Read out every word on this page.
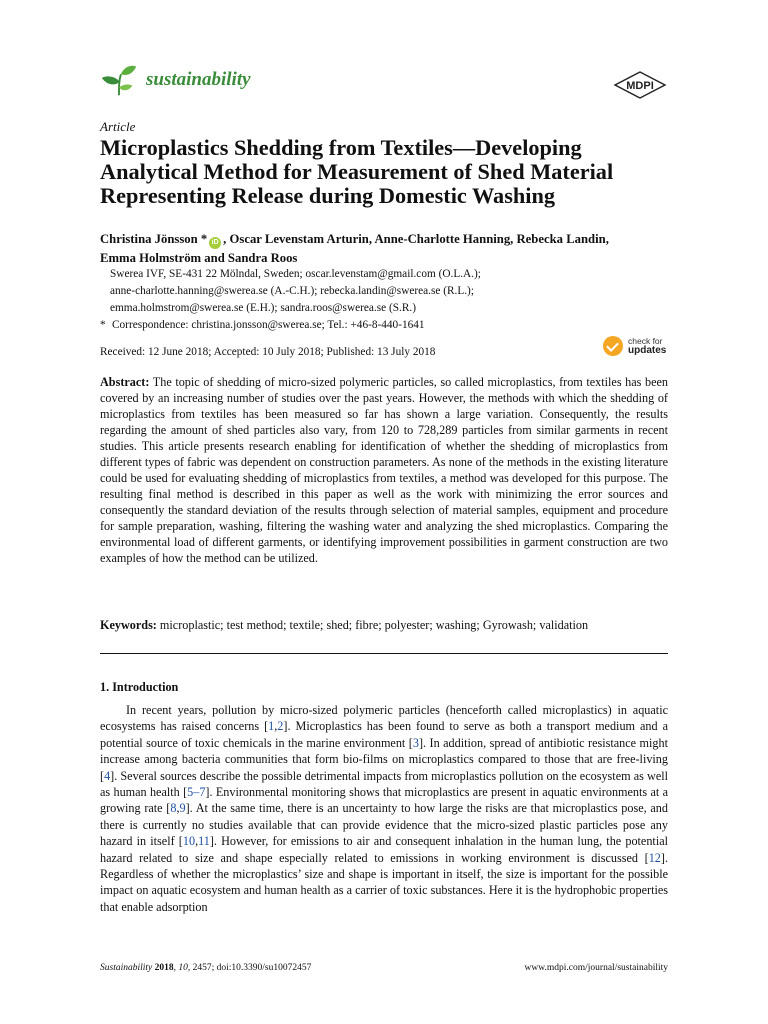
sustainability	MDPI
Article
Microplastics Shedding from Textiles—Developing
Analytical Method for Measurement of Shed Material
Representing Release during Domestic Washing
Christina Jönsson * iD , Oscar Levenstam Arturin, Anne-Charlotte Hanning, Rebecka Landin,
Emma Holmström and Sandra Roos
Swerea IVF, SE-431 22 Mölndal, Sweden; oscar.levenstam@gmail.com (O.L.A.);
anne-charlotte.hanning@swerea.se (A.-C.H.); rebecka.landin@swerea.se (R.L.);
emma.holmstrom@swerea.se (E.H.); sandra.roos@swerea.se (S.R.)
* Correspondence: christina.jonsson@swerea.se; Tel.: +46-8-440-1641
check for
updates
Received: 12 June 2018; Accepted: 10 July 2018; Published: 13 July 2018

Abstract: The topic of shedding of micro-sized polymeric particles, so called microplastics, from textiles has been covered by an increasing number of studies over the past years. However, the methods with which the shedding of microplastics from textiles has been measured so far has shown a large variation. Consequently, the results regarding the amount of shed particles also vary, from 120 to 728,289 particles from similar garments in recent studies. This article presents research enabling for identification of whether the shedding of microplastics from different types of fabric was dependent on construction parameters. As none of the methods in the existing literature could be used for evaluating shedding of microplastics from textiles, a method was developed for this purpose. The resulting final method is described in this paper as well as the work with minimizing the error sources and consequently the standard deviation of the results through selection of material samples, equipment and procedure for sample preparation, washing, filtering the washing water and analyzing the shed microplastics. Comparing the environmental load of different garments, or identifying improvement possibilities in garment construction are two examples of how the method can be utilized.

Keywords: microplastic; test method; textile; shed; fibre; polyester; washing; Gyrowash; validation
1. Introduction

In recent years, pollution by micro-sized polymeric particles (henceforth called microplastics) in aquatic ecosystems has raised concerns [1,2]. Microplastics has been found to serve as both a transport medium and a potential source of toxic chemicals in the marine environment [3]. In addition, spread of antibiotic resistance might increase among bacteria communities that form bio-films on microplastics compared to those that are free-living [4]. Several sources describe the possible detrimental impacts from microplastics pollution on the ecosystem as well as human health [5–7]. Environmental monitoring shows that microplastics are present in aquatic environments at a growing rate [8,9]. At the same time, there is an uncertainty to how large the risks are that microplastics pose, and there is currently no studies available that can provide evidence that the micro-sized plastic particles pose any hazard in itself [10,11]. However, for emissions to air and consequent inhalation in the human lung, the potential hazard related to size and shape especially related to emissions in working environment is discussed [12]. Regardless of whether the microplastics’ size and shape is important in itself, the size is important for the possible impact on aquatic ecosystem and human health as a carrier of toxic substances. Here it is the hydrophobic properties that enable adsorption

Sustainability 2018, 10, 2457; doi:10.3390/su10072457	www.mdpi.com/journal/sustainability
